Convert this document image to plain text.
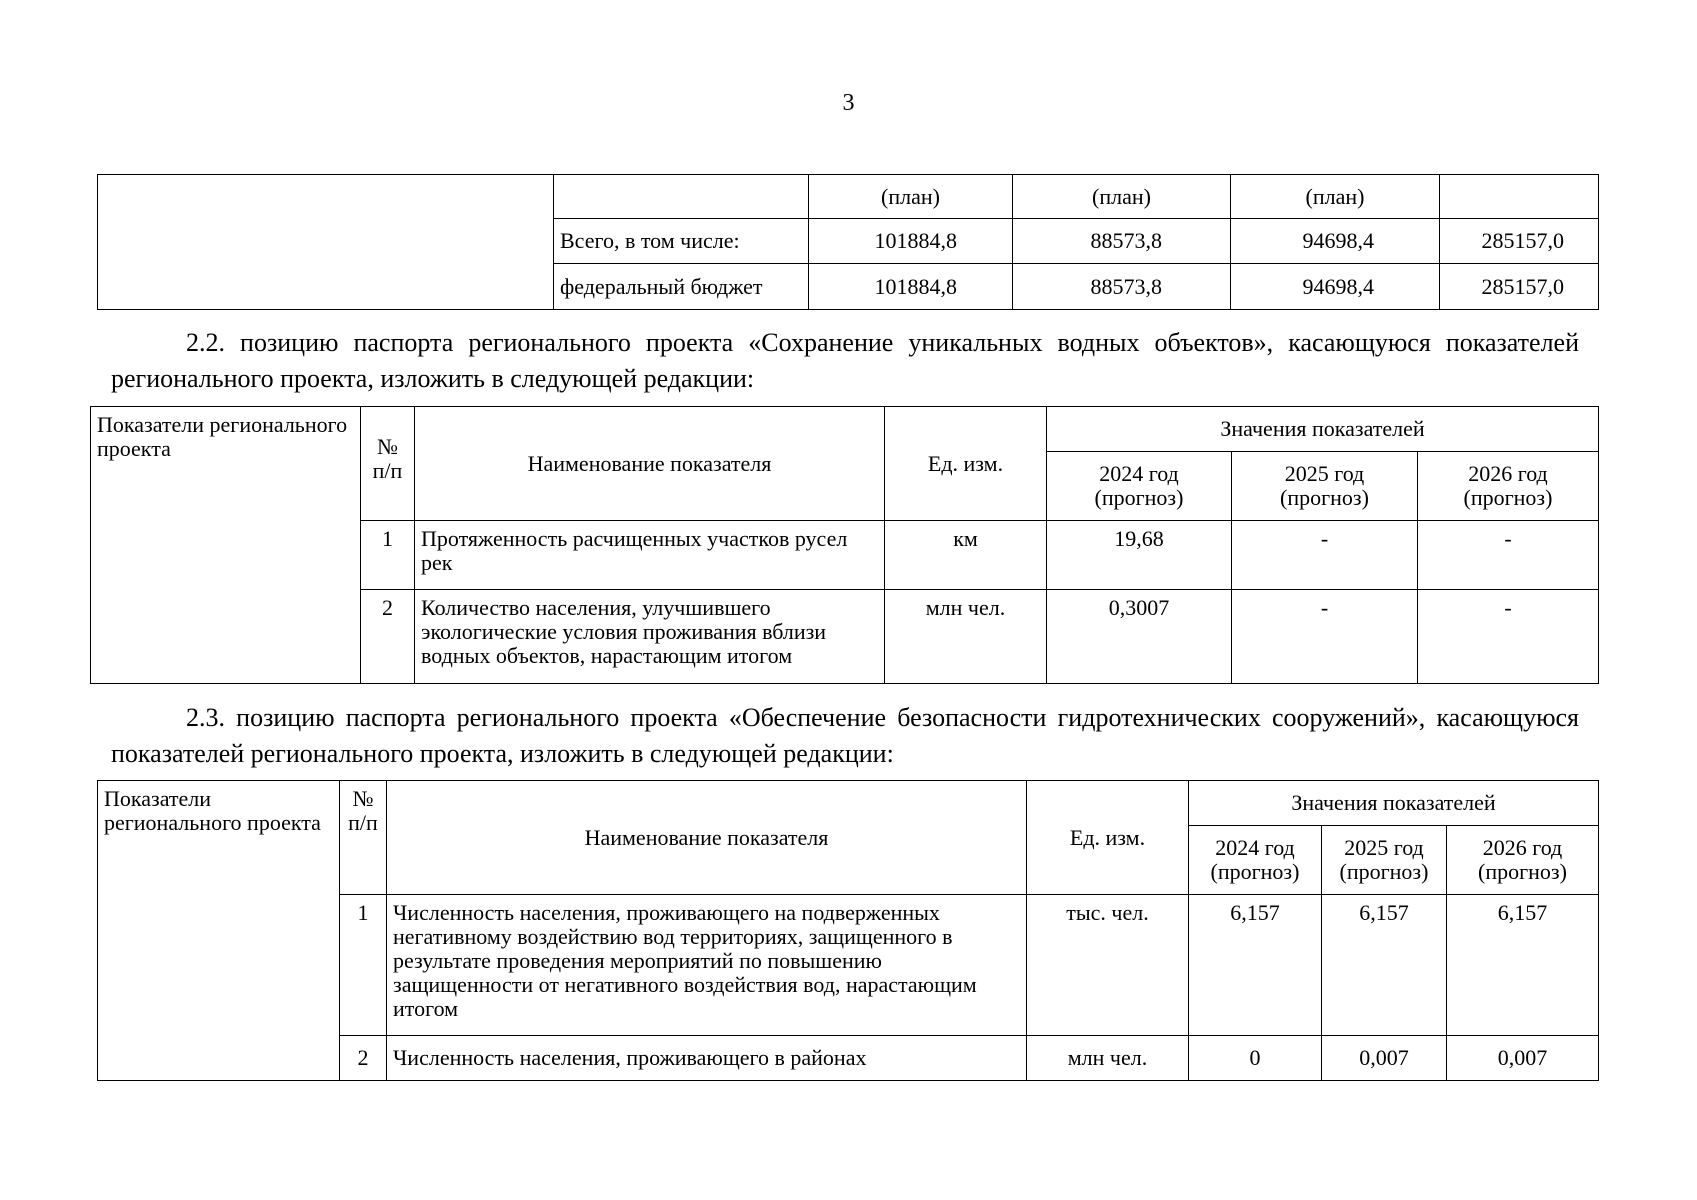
3
		(план)	(план)	(план)	
	Всего, в том числе:	101884,8	88573,8	94698,4	285157,0
	федеральный бюджет	101884,8	88573,8	94698,4	285157,0
2.2. позицию паспорта регионального проекта «Сохранение уникальных водных объектов», касающуюся показателей регионального проекта, изложить в следующей редакции:
Показатели регионального проекта	№ п/п	Наименование показателя	Ед. изм.	Значения показателей		
				2024 год (прогноз)	2025 год (прогноз)	2026 год (прогноз)
	1	Протяженность расчищенных участков русел рек	км	19,68	-	-
	2	Количество населения, улучшившего экологические условия проживания вблизи водных объектов, нарастающим итогом	млн чел.	0,3007	-	-
2.3. позицию паспорта регионального проекта «Обеспечение безопасности гидротехнических сооружений», касающуюся показателей регионального проекта, изложить в следующей редакции:
Показатели регионального проекта	№ п/п	Наименование показателя	Ед. изм.	Значения показателей		
				2024 год (прогноз)	2025 год (прогноз)	2026 год (прогноз)
	1	Численность населения, проживающего на подверженных негативному воздействию вод территориях, защищенного в результате проведения мероприятий по повышению защищенности от негативного воздействия вод, нарастающим итогом	тыс. чел.	6,157	6,157	6,157
	2	Численность населения, проживающего в районах	млн чел.	0	0,007	0,007
